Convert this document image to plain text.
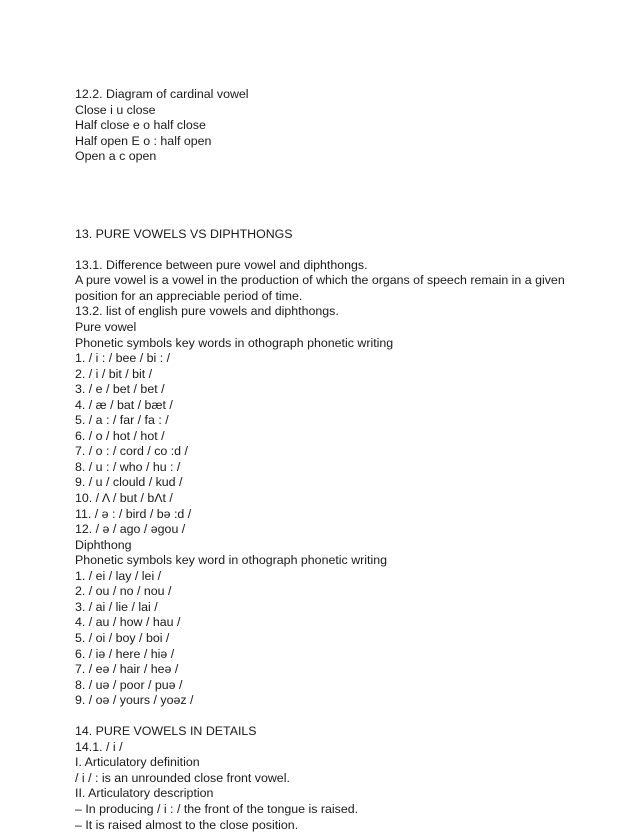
12.2. Diagram of cardinal vowel
Close i u close
Half close e o half close
Half open E o : half open
Open a c open
13. PURE VOWELS VS DIPHTHONGS
13.1. Difference between pure vowel and diphthongs.
A pure vowel is a vowel in the production of which the organs of speech remain in a given position for an appreciable period of time.
13.2. list of english pure vowels and diphthongs.
Pure vowel
Phonetic symbols key words in othograph phonetic writing
1. / i : / bee / bi : /
2. / i / bit / bit /
3. / e / bet / bet /
4. / æ / bat / bæt /
5. / a : / far / fa : /
6. / o / hot / hot /
7. / o : / cord / co :d /
8. / u : / who / hu : /
9. / u / clould / kud /
10. / Λ / but / bΛt /
11. / ə : / bird / bə :d /
12. / ə / ago / əgou /
Diphthong
Phonetic symbols key word in othograph phonetic writing
1. / ei / lay / lei /
2. / ou / no / nou /
3. / ai / lie / lai /
4. / au / how / hau /
5. / oi / boy / boi /
6. / iə / here / hiə /
7. / eə / hair / heə /
8. / uə / poor / puə /
9. / oə / yours / yoəz /
14. PURE VOWELS IN DETAILS
14.1. / i /
I. Articulatory definition
/ i / : is an unrounded close front vowel.
II. Articulatory description
– In producing / i : / the front of the tongue is raised.
– It is raised almost to the close position.
